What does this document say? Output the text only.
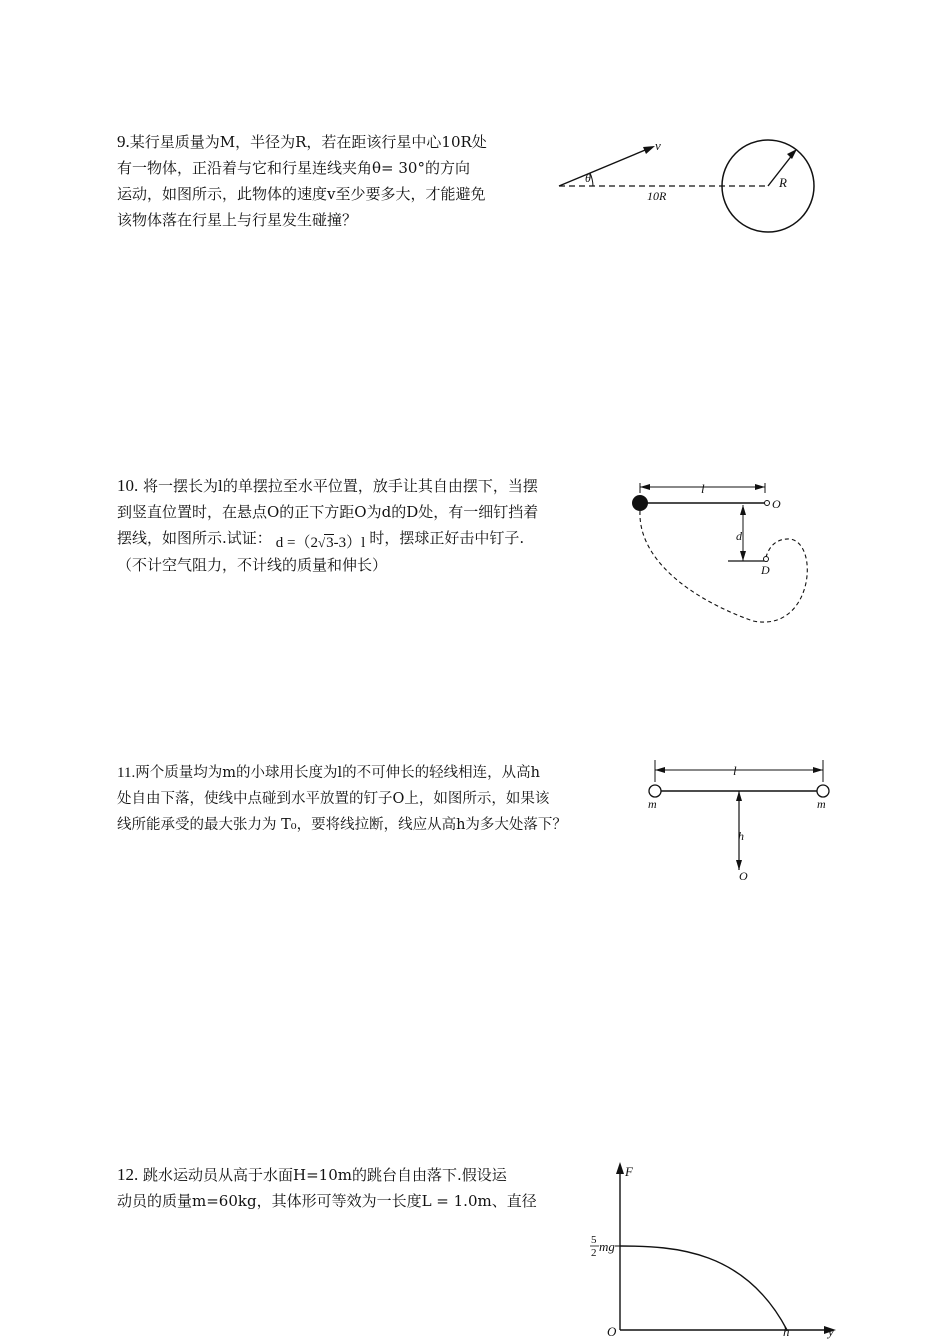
9.某行星质量为M，半径为R，若在距该行星中心10R处
有一物体，正沿着与它和行星连线夹角θ= 30°的方向
运动，如图所示，此物体的速度v至少要多大，才能避免
该物体落在行星上与行星发生碰撞？
v
θ
10R
R
10. 将一摆长为l的单摆拉至水平位置，放手让其自由摆下，当摆
到竖直位置时，在悬点O的正下方距O为d的D处，有一细钉挡着
摆线，如图所示.试证： d =（2√3-3）l 时，摆球正好击中钉子.
（不计空气阻力，不计线的质量和伸长）
l
O
d
D
11.两个质量均为m的小球用长度为l的不可伸长的轻线相连，从高h
处自由下落，使线中点碰到水平放置的钉子O上，如图所示，如果该
线所能承受的最大张力为 T₀，要将线拉断，线应从高h为多大处落下？
l
m	m
h
O
12. 跳水运动员从高于水面H=10m的跳台自由落下.假设运
动员的质量m=60kg，其体形可等效为一长度L = 1.0m、直径
F
5
2 mg
O	h	y
